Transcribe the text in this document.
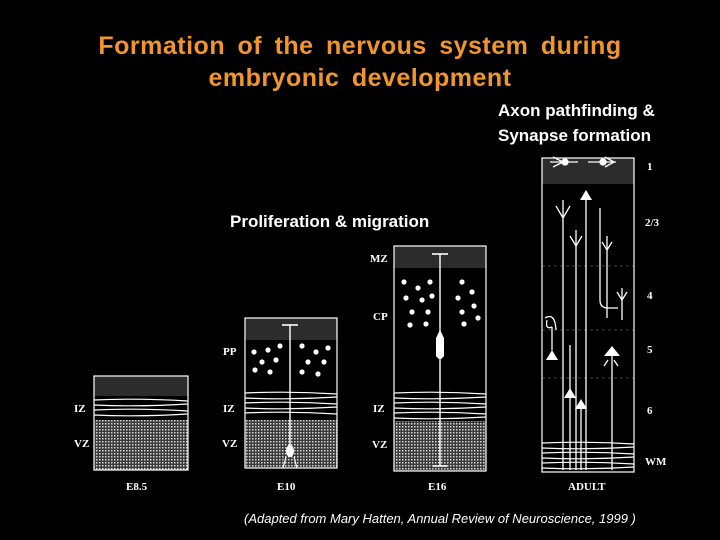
Formation of the nervous system during
embryonic development
Axon pathfinding &
Synapse formation
Proliferation & migration
IZ
VZ
E8.5
PP
IZ
VZ
E10
MZ
CP
IZ
VZ
E16
1
2/3
4
5
6
WM
ADULT
(Adapted from Mary Hatten, Annual Review of Neuroscience, 1999 )
